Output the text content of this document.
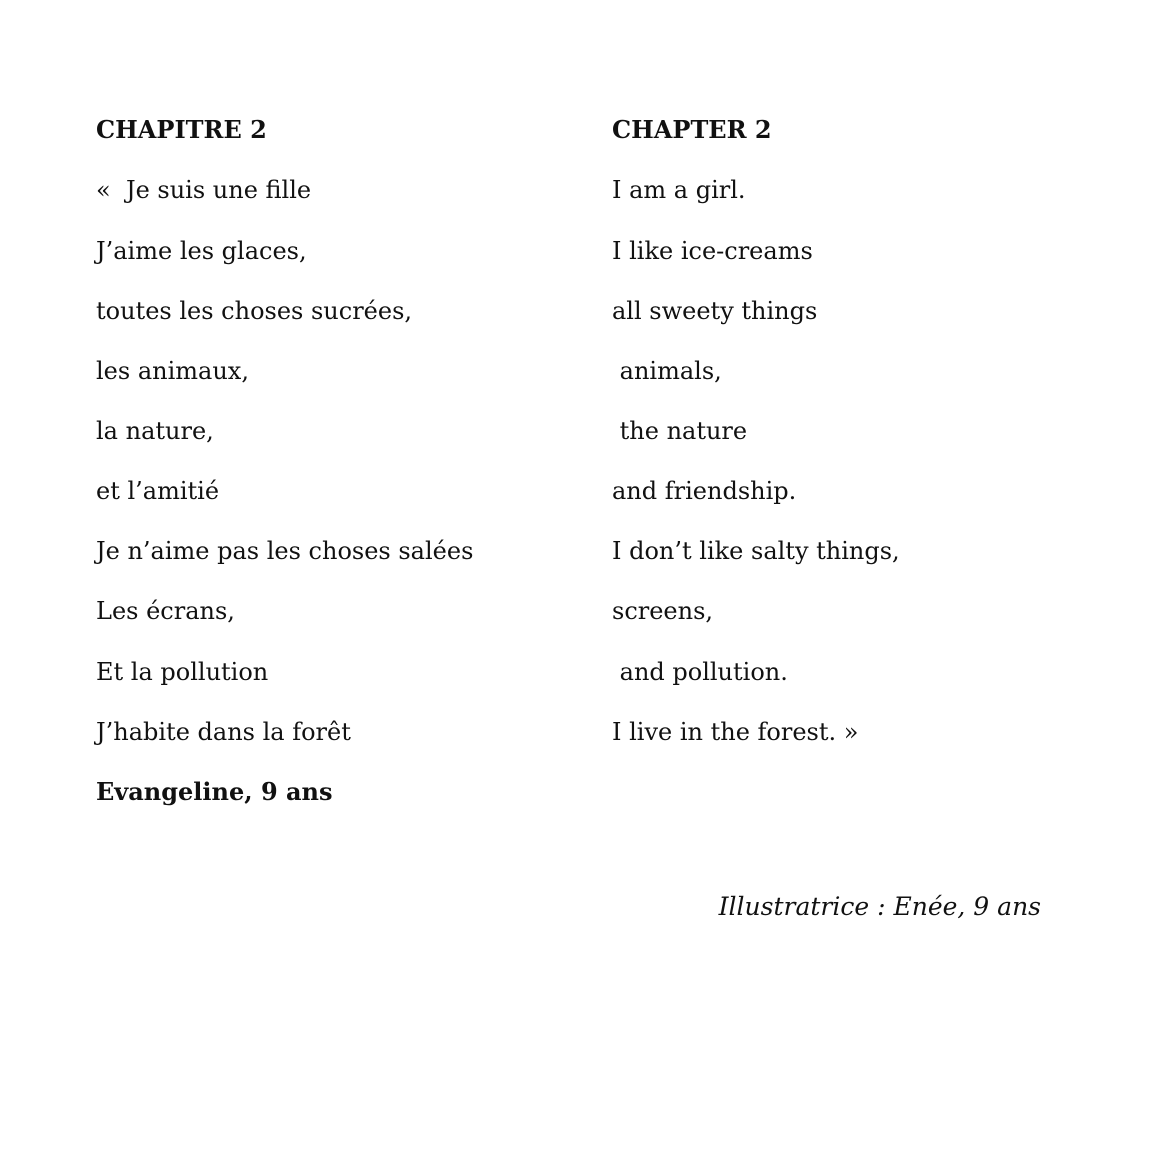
CHAPITRE 2
«  Je suis une fille
J’aime les glaces,
toutes les choses sucrées,
les animaux,
la nature,
et l’amitié
Je n’aime pas les choses salées
Les écrans,
Et la pollution
J’habite dans la forêt
Evangeline, 9 ans
CHAPTER 2
I am a girl.
I like ice-creams
all sweety things
animals,
the nature
and friendship.
I don’t like salty things,
screens,
and pollution.
I live in the forest. »
Illustratrice : Enée, 9 ans
